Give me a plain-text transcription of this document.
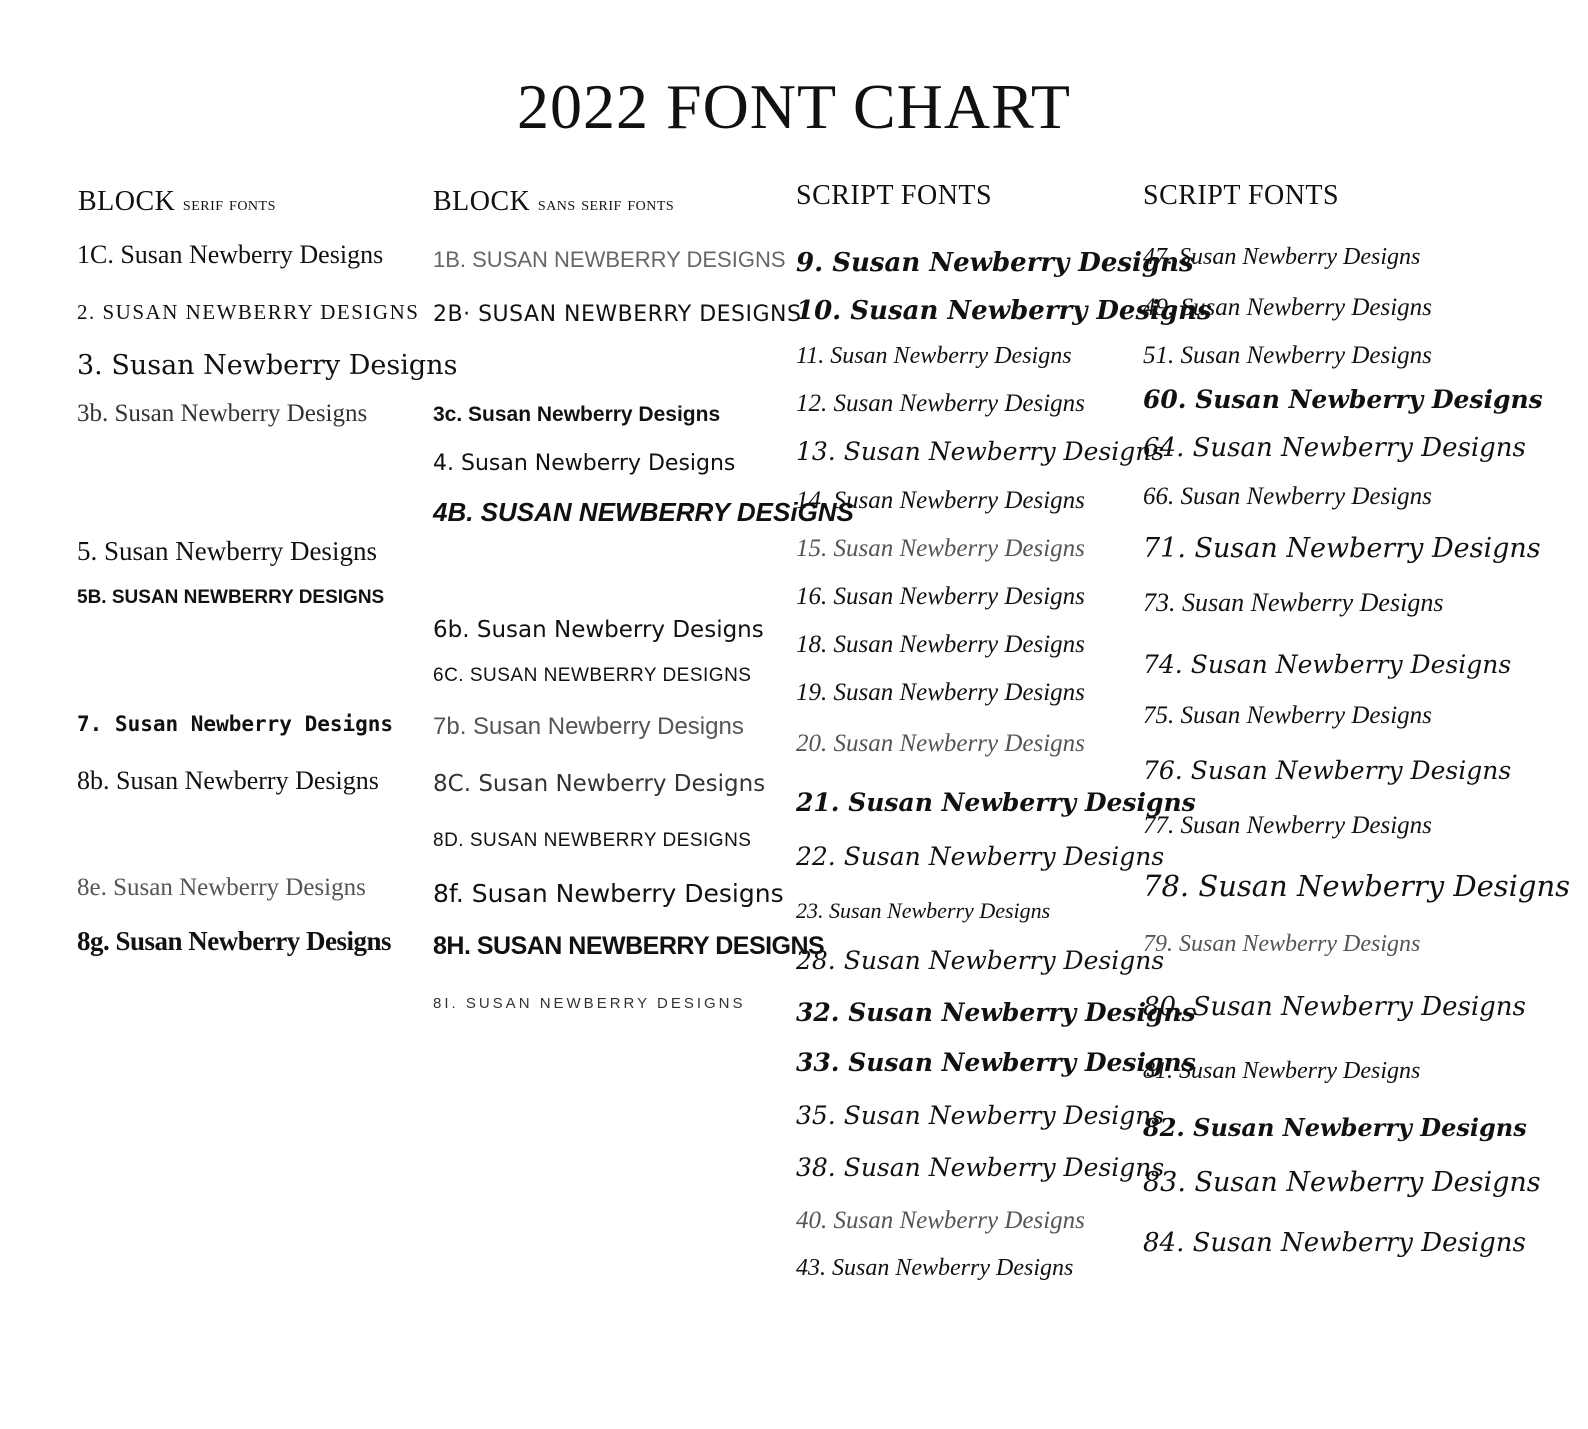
2022 FONT CHART
BLOCK serif fonts
1C. Susan Newberry Designs
2. SUSAN NEWBERRY DESIGNS
3. Susan Newberry Designs
3b. Susan Newberry Designs
5. Susan Newberry Designs
5B. SUSAN NEWBERRY DESIGNS
7. Susan Newberry Designs
8b. Susan Newberry Designs
8e. Susan Newberry Designs
8g. Susan Newberry Designs
BLOCK sans serif fonts
1B. SUSAN NEWBERRY DESIGNS
2B· SUSAN NEWBERRY DESIGNS
3c. Susan Newberry Designs
4. Susan Newberry Designs
4B. SUSAN NEWBERRY DESiGNS
6b. Susan Newberry Designs
6C. SUSAN NEWBERRY DESIGNS
7b. Susan Newberry Designs
8C. Susan Newberry Designs
8D. SUSAN NEWBERRY DESIGNS
8f. Susan Newberry Designs
8H. SUSAN NEWBERRY DESIGNS
8I. SUSAN NEWBERRY DESIGNS
SCRIPT FONTS
9. Susan Newberry Designs
10. Susan Newberry Designs
11. Susan Newberry Designs
12. Susan Newberry Designs
13. Susan Newberry Designs
14. Susan Newberry Designs
15. Susan Newberry Designs
16. Susan Newberry Designs
18. Susan Newberry Designs
19. Susan Newberry Designs
20. Susan Newberry Designs
21. Susan Newberry Designs
22. Susan Newberry Designs
23. Susan Newberry Designs
28. Susan Newberry Designs
32. Susan Newberry Designs
33. Susan Newberry Designs
35. Susan Newberry Designs
38. Susan Newberry Designs
40. Susan Newberry Designs
43. Susan Newberry Designs
SCRIPT FONTS
47. Susan Newberry Designs
49. Susan Newberry Designs
51. Susan Newberry Designs
60. Susan Newberry Designs
64. Susan Newberry Designs
66. Susan Newberry Designs
71. Susan Newberry Designs
73. Susan Newberry Designs
74. Susan Newberry Designs
75. Susan Newberry Designs
76. Susan Newberry Designs
77. Susan Newberry Designs
78. Susan Newberry Designs
79. Susan Newberry Designs
80. Susan Newberry Designs
81. Susan Newberry Designs
82. Susan Newberry Designs
83. Susan Newberry Designs
84. Susan Newberry Designs
